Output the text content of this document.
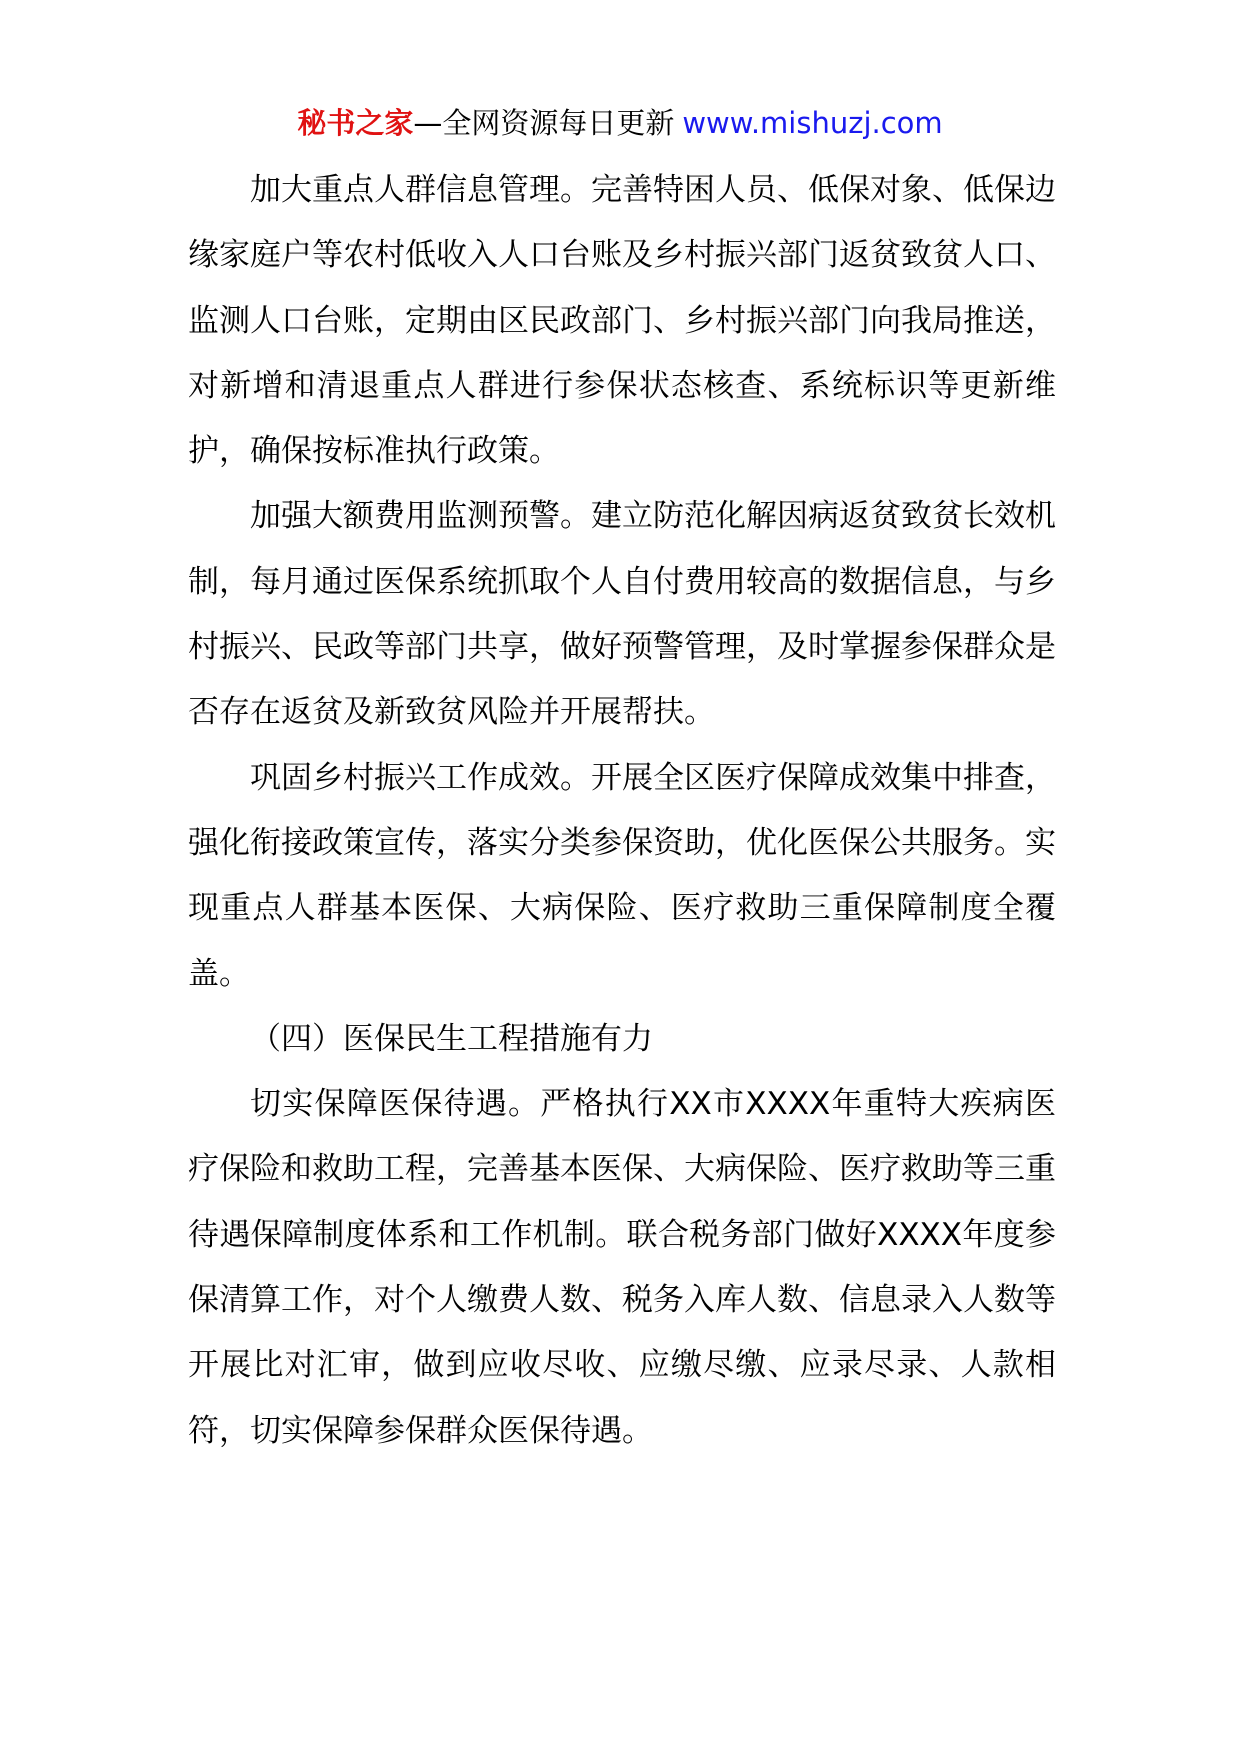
秘书之家—全网资源每日更新 www.mishuzj.com

加大重点人群信息管理。完善特困人员、低保对象、低保边缘家庭户等农村低收入人口台账及乡村振兴部门返贫致贫人口、监测人口台账，定期由区民政部门、乡村振兴部门向我局推送，对新增和清退重点人群进行参保状态核查、系统标识等更新维护，确保按标准执行政策。

加强大额费用监测预警。建立防范化解因病返贫致贫长效机制，每月通过医保系统抓取个人自付费用较高的数据信息，与乡村振兴、民政等部门共享，做好预警管理，及时掌握参保群众是否存在返贫及新致贫风险并开展帮扶。

巩固乡村振兴工作成效。开展全区医疗保障成效集中排查，强化衔接政策宣传，落实分类参保资助，优化医保公共服务。实现重点人群基本医保、大病保险、医疗救助三重保障制度全覆盖。

（四）医保民生工程措施有力

切实保障医保待遇。严格执行XX市XXXX年重特大疾病医疗保险和救助工程，完善基本医保、大病保险、医疗救助等三重待遇保障制度体系和工作机制。联合税务部门做好XXXX年度参保清算工作，对个人缴费人数、税务入库人数、信息录入人数等开展比对汇审，做到应收尽收、应缴尽缴、应录尽录、人款相符，切实保障参保群众医保待遇。
